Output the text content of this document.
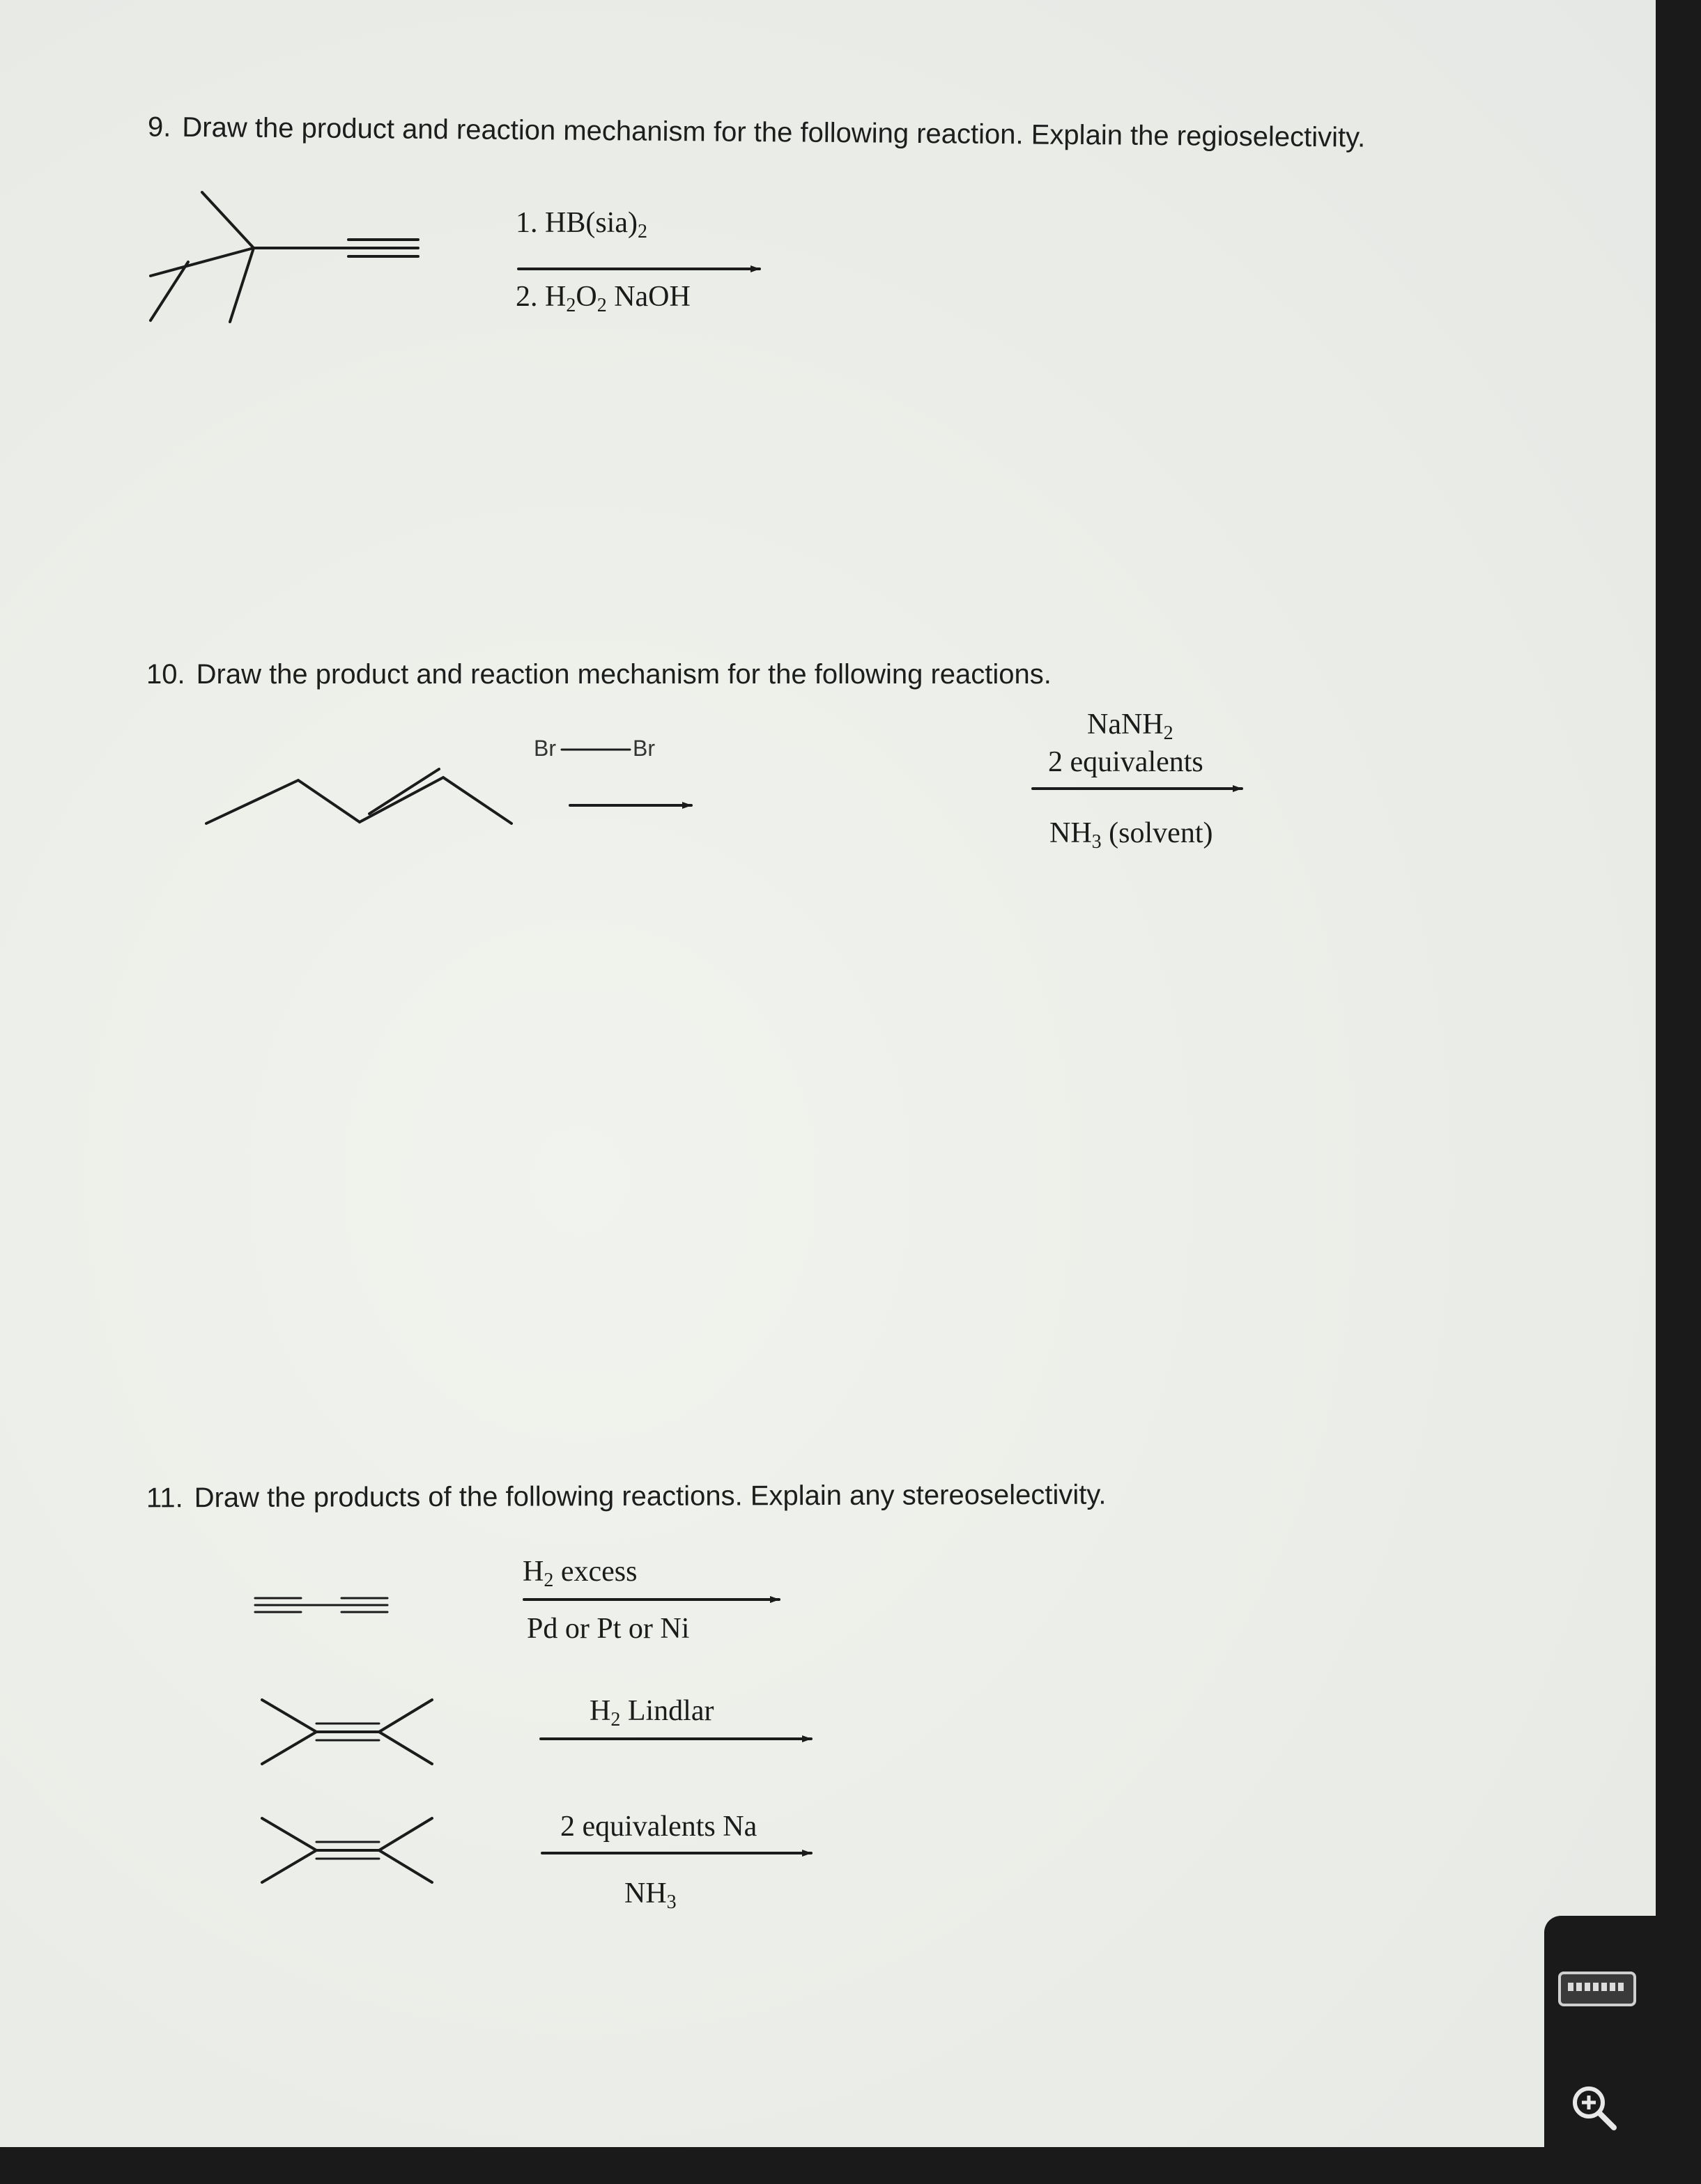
9. Draw the product and reaction mechanism for the following reaction. Explain the regioselectivity.
1. $HB(sia)_2$
2. $H_2O_2$ NaOH
10. Draw the product and reaction mechanism for the following reactions.
Br	Br
NaNH$_2$
2 equivalents
$NH_3$ (solvent)
11. Draw the products of the following reactions. Explain any stereoselectivity.
$H_2$ excess
Pd or Pt or Ni
$H_2$ Lindlar
2 equivalents Na
$NH_3$
